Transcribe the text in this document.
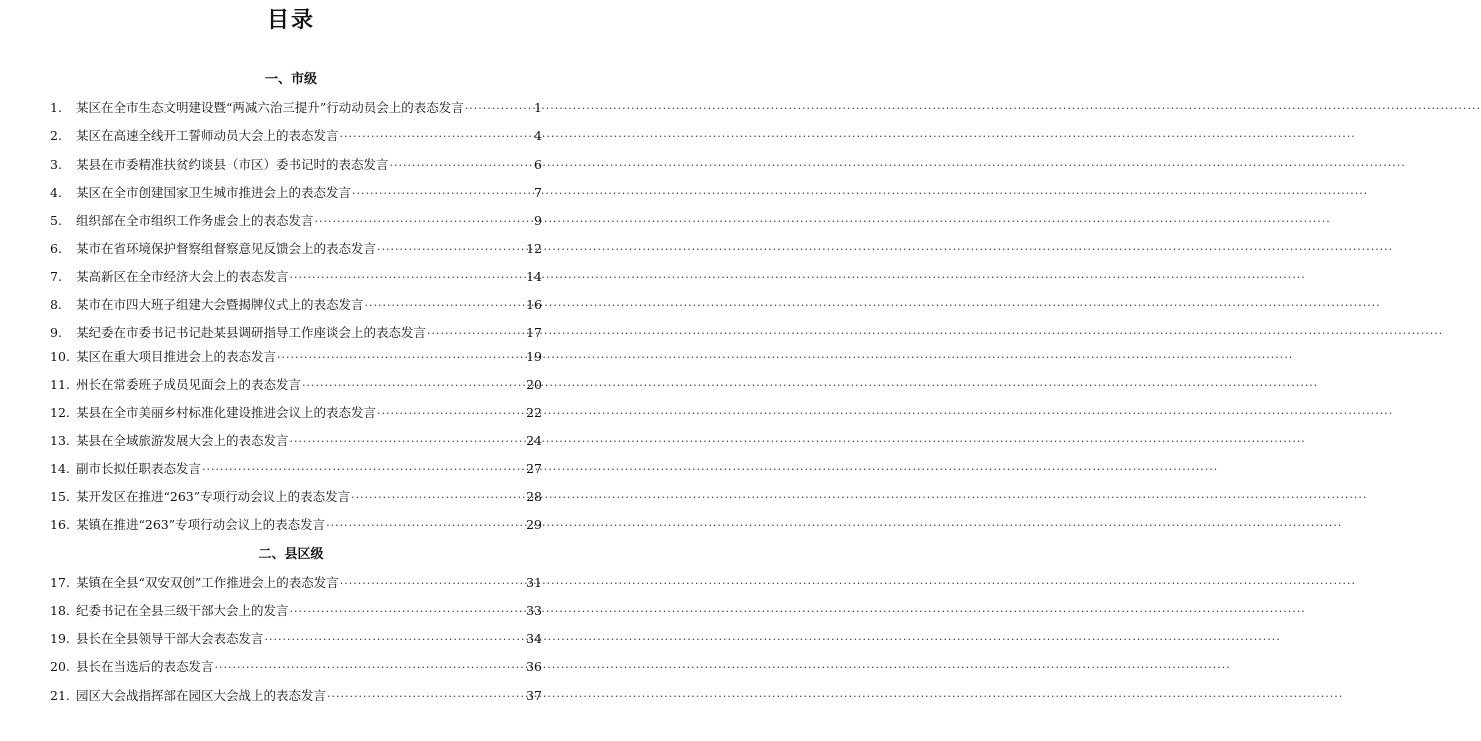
目录
一、市级
1.	某区在全市生态文明建设暨“两减六治三提升”行动动员会上的表态发言 ·····	1
2.	某区在高速全线开工誓师动员大会上的表态发言 ·····	4
3.	某县在市委精准扶贫约谈县（市区）委书记时的表态发言 ·····	6
4.	某区在全市创建国家卫生城市推进会上的表态发言 ·····	7
5.	组织部在全市组织工作务虚会上的表态发言 ·····	9
6.	某市在省环境保护督察组督察意见反馈会上的表态发言 ·····	12
7.	某高新区在全市经济大会上的表态发言 ·····	14
8.	某市在市四大班子组建大会暨揭牌仪式上的表态发言 ·····	16
9.	某纪委在市委书记书记赴某县调研指导工作座谈会上的表态发言 ·····	17
10. 某区在重大项目推进会上的表态发言 ·····	19
11. 州长在常委班子成员见面会上的表态发言 ·····	20
12. 某县在全市美丽乡村标准化建设推进会议上的表态发言 ·····	22
13. 某县在全域旅游发展大会上的表态发言 ·····	24
14. 副市长拟任职表态发言 ·····	27
15. 某开发区在推进“263”专项行动会议上的表态发言 ·····	28
16. 某镇在推进“263”专项行动会议上的表态发言 ·····	29
二、县区级
17. 某镇在全县“双安双创”工作推进会上的表态发言 ·····	31
18. 纪委书记在全县三级干部大会上的发言 ·····	33
19. 县长在全县领导干部大会表态发言 ·····	34
20. 县长在当选后的表态发言 ·····	36
21. 园区大会战指挥部在园区大会战上的表态发言 ·····	37
